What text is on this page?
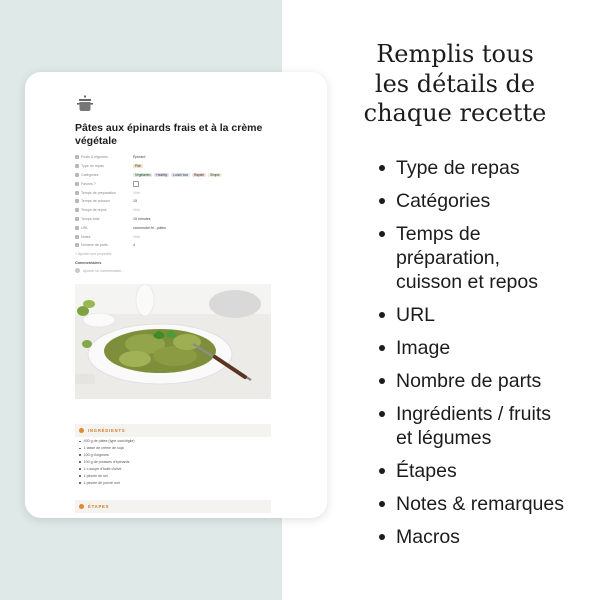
Pâtes aux épinards frais et à la crème végétale
Fruits & légumes	Épinard
Type de repas	Plat
Catégories	Végétarien	Healthy	Lunch box	Rapide	Simple
Favoris ?
Temps de préparation	Vide
Temps de cuisson	15
Temps de repos	Vide
Temps total	15 minutes
URL	caroerudel.fr/...pâtes
Notes	Vide
Nombre de parts	4
+ Ajouter une propriété
Commentaires
Ajouter un commentaire...
INGRÉDIENTS
400 g de pâtes (type conchiglie)
1 tasse de crème de soja
100 g d'oignons
100 g de pousses d'épinards
1 c.soupe d'huile d'olive
1 pincée de sel
1 pincée de poivre noir
ÉTAPES
Remplis tous
les détails de
chaque recette
Type de repas
Catégories
Temps de
préparation,
cuisson et repos
URL
Image
Nombre de parts
Ingrédients / fruits
et légumes
Étapes
Notes & remarques
Macros
